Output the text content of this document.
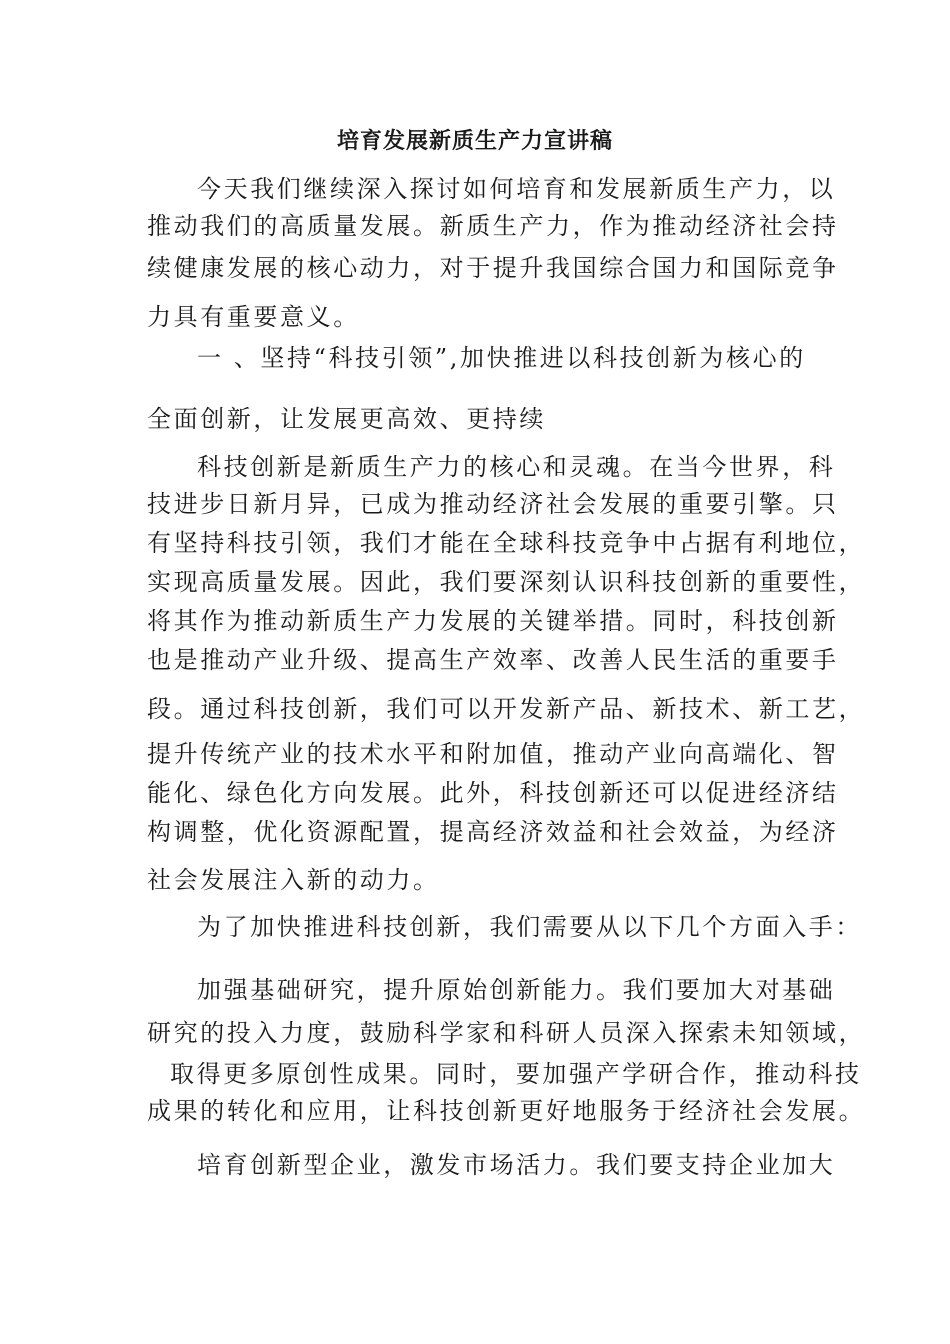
培育发展新质生产力宣讲稿
今天我们继续深入探讨如何培育和发展新质生产力，以
推动我们的高质量发展。新质生产力，作为推动经济社会持
续健康发展的核心动力，对于提升我国综合国力和国际竞争
力具有重要意义。
一 、坚持“科技引领”,加快推进以科技创新为核心的
全面创新，让发展更高效、更持续
科技创新是新质生产力的核心和灵魂。在当今世界，科
技进步日新月异，已成为推动经济社会发展的重要引擎。只
有坚持科技引领，我们才能在全球科技竞争中占据有利地位，
实现高质量发展。因此，我们要深刻认识科技创新的重要性，
将其作为推动新质生产力发展的关键举措。同时，科技创新
也是推动产业升级、提高生产效率、改善人民生活的重要手
段。通过科技创新，我们可以开发新产品、新技术、新工艺，
提升传统产业的技术水平和附加值，推动产业向高端化、智
能化、绿色化方向发展。此外，科技创新还可以促进经济结
构调整，优化资源配置，提高经济效益和社会效益，为经济
社会发展注入新的动力。
为了加快推进科技创新，我们需要从以下几个方面入手：
加强基础研究，提升原始创新能力。我们要加大对基础
研究的投入力度，鼓励科学家和科研人员深入探索未知领域，
取得更多原创性成果。同时，要加强产学研合作，推动科技
成果的转化和应用，让科技创新更好地服务于经济社会发展。
培育创新型企业，激发市场活力。我们要支持企业加大
